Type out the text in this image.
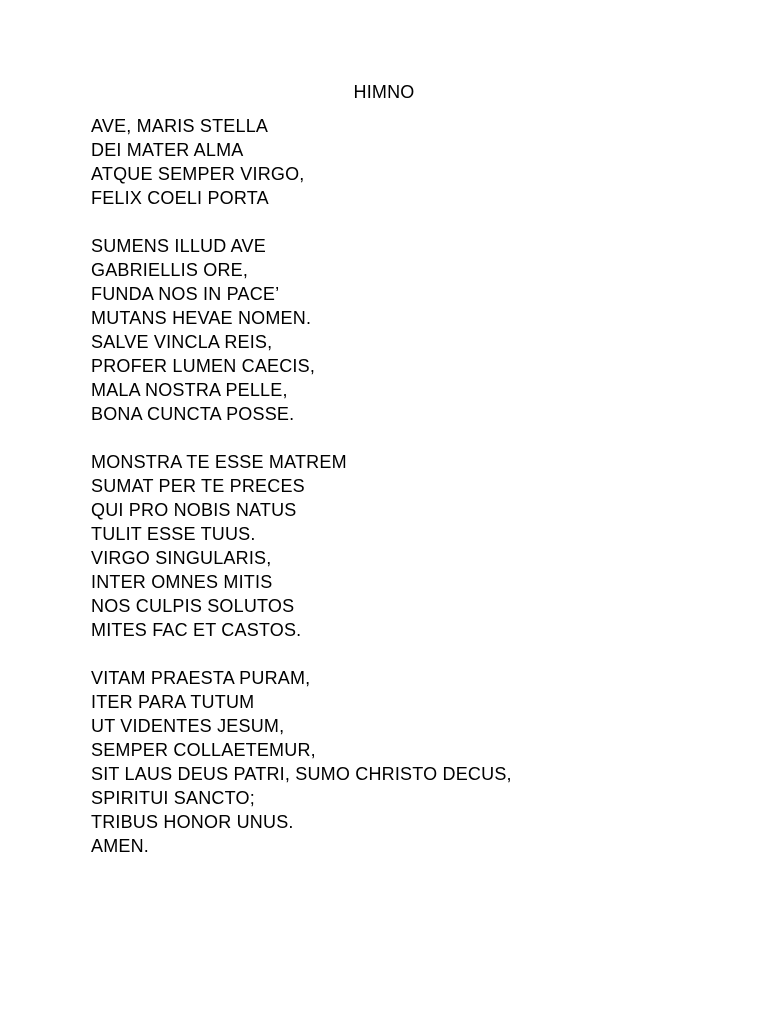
HIMNO
AVE, MARIS STELLA
DEI MATER ALMA
ATQUE SEMPER VIRGO,
FELIX COELI PORTA
SUMENS ILLUD AVE
GABRIELLIS ORE,
FUNDA NOS IN PACE’
MUTANS HEVAE NOMEN.
SALVE VINCLA REIS,
PROFER LUMEN CAECIS,
MALA NOSTRA PELLE,
BONA CUNCTA POSSE.
MONSTRA TE ESSE MATREM
SUMAT PER TE PRECES
QUI PRO NOBIS NATUS
TULIT ESSE TUUS.
VIRGO SINGULARIS,
INTER OMNES MITIS
NOS CULPIS SOLUTOS
MITES FAC ET CASTOS.
VITAM PRAESTA PURAM,
ITER PARA TUTUM
UT VIDENTES JESUM,
SEMPER COLLAETEMUR,
SIT LAUS DEUS PATRI, SUMO CHRISTO DECUS,
SPIRITUI SANCTO;
TRIBUS HONOR UNUS.
AMEN.
